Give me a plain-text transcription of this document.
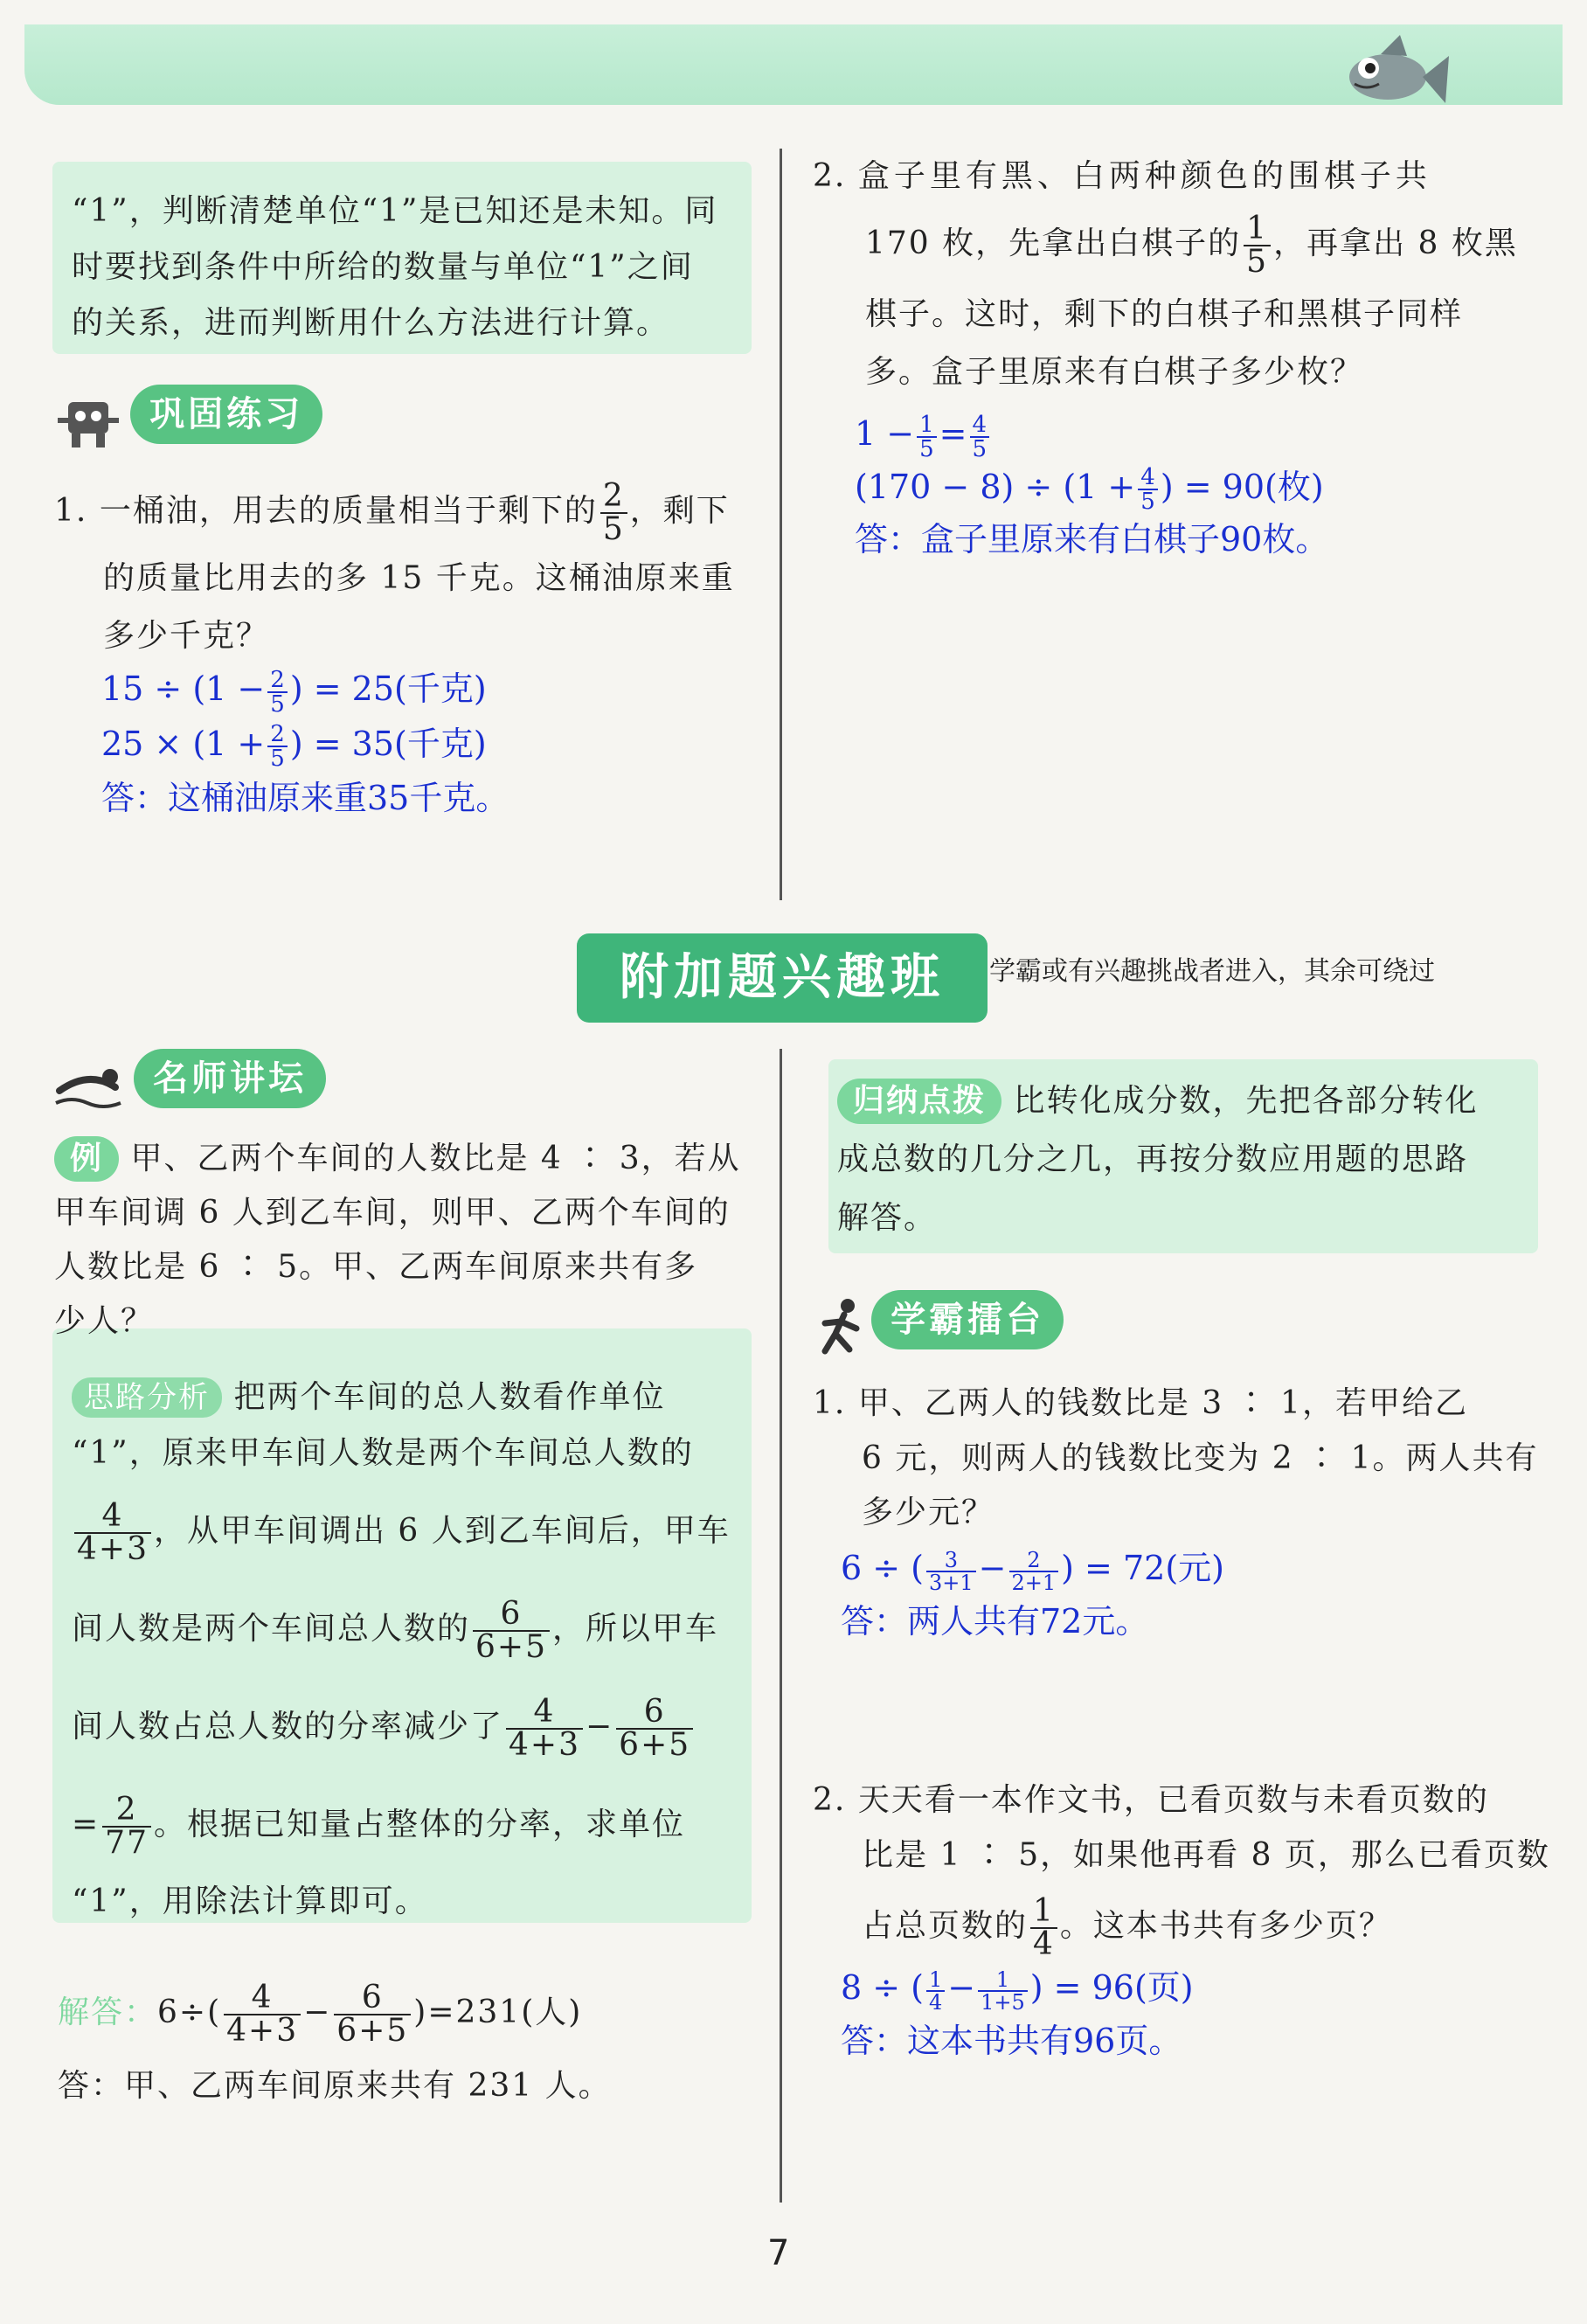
“1”，判断清楚单位“1”是已知还是未知。同
时要找到条件中所给的数量与单位“1”之间
的关系，进而判断用什么方法进行计算。
巩固练习
1. 一桶油，用去的质量相当于剩下的 $\frac{2}{5}$ ，剩下
的质量比用去的多 15 千克。这桶油原来重
多少千克？
$15 \div (1 - \frac{2}{5}$ ) = 25(千克)
$25 \times (1 + \frac{2}{5}$ ) = 35(千克)
答：这桶油原来重35千克。
2. 盒子里有黑、白两种颜色的围棋子共
170 枚，先拿出白棋子的 $\frac{1}{5}$ ，再拿出 8 枚黑
棋子。这时，剩下的白棋子和黑棋子同样
多。盒子里原来有白棋子多少枚？
$1 - \frac{1}{5} = \frac{4}{5}$
$(170 - 8) \div (1 + \frac{4}{5}$ ) = 90(枚)
答：盒子里原来有白棋子90枚。
附加题兴趣班	学霸或有兴趣挑战者进入，其余可绕过
名师讲坛
例 甲、乙两个车间的人数比是 4 ∶ 3，若从
甲车间调 6 人到乙车间，则甲、乙两个车间的
人数比是 6 ∶ 5。甲、乙两车间原来共有多
少人？
思路分析 把两个车间的总人数看作单位
“1”，原来甲车间人数是两个车间总人数的
$\frac{4}{4+3}$ ，从甲车间调出 6 人到乙车间后，甲车
间人数是两个车间总人数的 $\frac{6}{6+5}$ ，所以甲车
间人数占总人数的分率减少了 $\frac{4}{4+3} - \frac{6}{6+5}$
= $\frac{2}{77}$ 。根据已知量占整体的分率，求单位
“1”，用除法计算即可。
解答：$6\div( \frac{4}{4+3} - \frac{6}{6+5} )=231$(人)
答：甲、乙两车间原来共有 231 人。
归纳点拨 比转化成分数，先把各部分转化
成总数的几分之几，再按分数应用题的思路
解答。
学霸擂台
1. 甲、乙两人的钱数比是 3 ∶ 1，若甲给乙
6 元，则两人的钱数比变为 2 ∶ 1。两人共有
多少元？
6 ÷ ( $\frac{3}{3+1} - \frac{2}{2+1}$ ) = 72(元)
答：两人共有72元。
2. 天天看一本作文书，已看页数与未看页数的
比是 1 ∶ 5，如果他再看 8 页，那么已看页数
占总页数的 $\frac{1}{4}$ 。这本书共有多少页？
8 ÷ ( $\frac{1}{4} - \frac{1}{1+5}$ ) = 96(页)
答：这本书共有96页。
7
